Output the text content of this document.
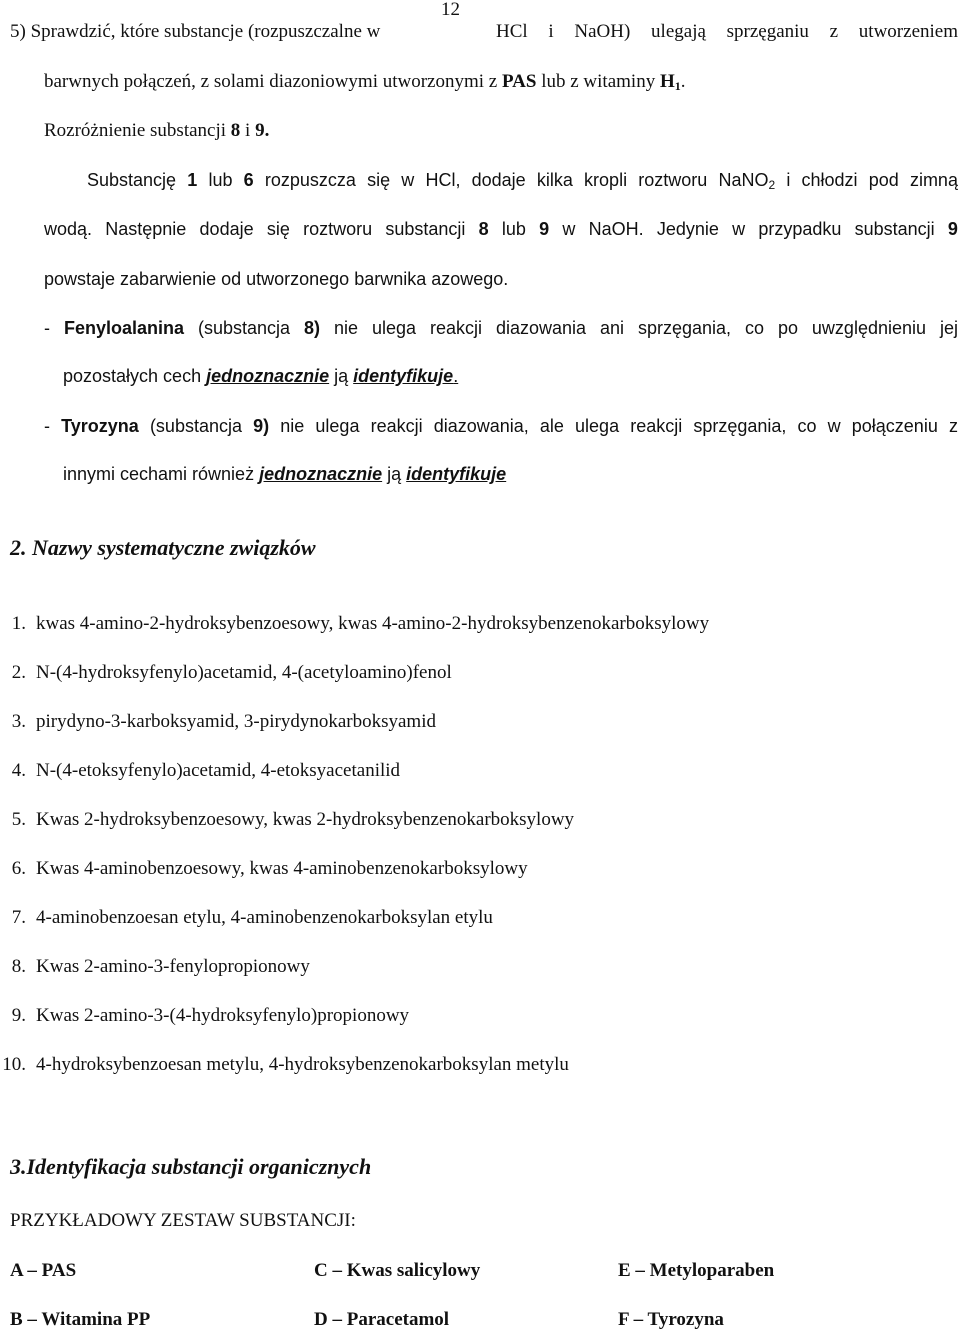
12
5) Sprawdzić, które substancje (rozpuszczalne w	HCl i NaOH) ulegają sprzęganiu z utworzeniem
barwnych połączeń, z solami diazoniowymi utworzonymi z PAS lub z witaminy $H_1$.
Rozróżnienie substancji 8 i 9.
Substancję 1 lub 6 rozpuszcza się w HCl, dodaje kilka kropli roztworu NaNO$_2$ i chłodzi pod zimną
wodą. Następnie dodaje się roztworu substancji 8 lub 9 w NaOH. Jedynie w przypadku substancji 9
powstaje zabarwienie od utworzonego barwnika azowego.
- Fenyloalanina (substancja 8) nie ulega reakcji diazowania ani sprzęgania, co po uwzględnieniu jej
pozostałych cech jednoznacznie ją identyfikuje.
- Tyrozyna (substancja 9) nie ulega reakcji diazowania, ale ulega reakcji sprzęgania, co w połączeniu z
innymi cechami również jednoznacznie ją identyfikuje
2. Nazwy systematyczne związków
1. kwas 4-amino-2-hydroksybenzoesowy, kwas 4-amino-2-hydroksybenzenokarboksylowy
2. N-(4-hydroksyfenylo)acetamid, 4-(acetyloamino)fenol
3. pirydyno-3-karboksyamid, 3-pirydynokarboksyamid
4. N-(4-etoksyfenylo)acetamid, 4-etoksyacetanilid
5. Kwas 2-hydroksybenzoesowy, kwas 2-hydroksybenzenokarboksylowy
6. Kwas 4-aminobenzoesowy, kwas 4-aminobenzenokarboksylowy
7. 4-aminobenzoesan etylu, 4-aminobenzenokarboksylan etylu
8. Kwas 2-amino-3-fenylopropionowy
9. Kwas 2-amino-3-(4-hydroksyfenylo)propionowy
10. 4-hydroksybenzoesan metylu, 4-hydroksybenzenokarboksylan metylu
3.Identyfikacja substancji organicznych
PRZYKŁADOWY ZESTAW SUBSTANCJI:
A – PAS	C – Kwas salicylowy	E – Metyloparaben
B – Witamina PP	D – Paracetamol	F – Tyrozyna
